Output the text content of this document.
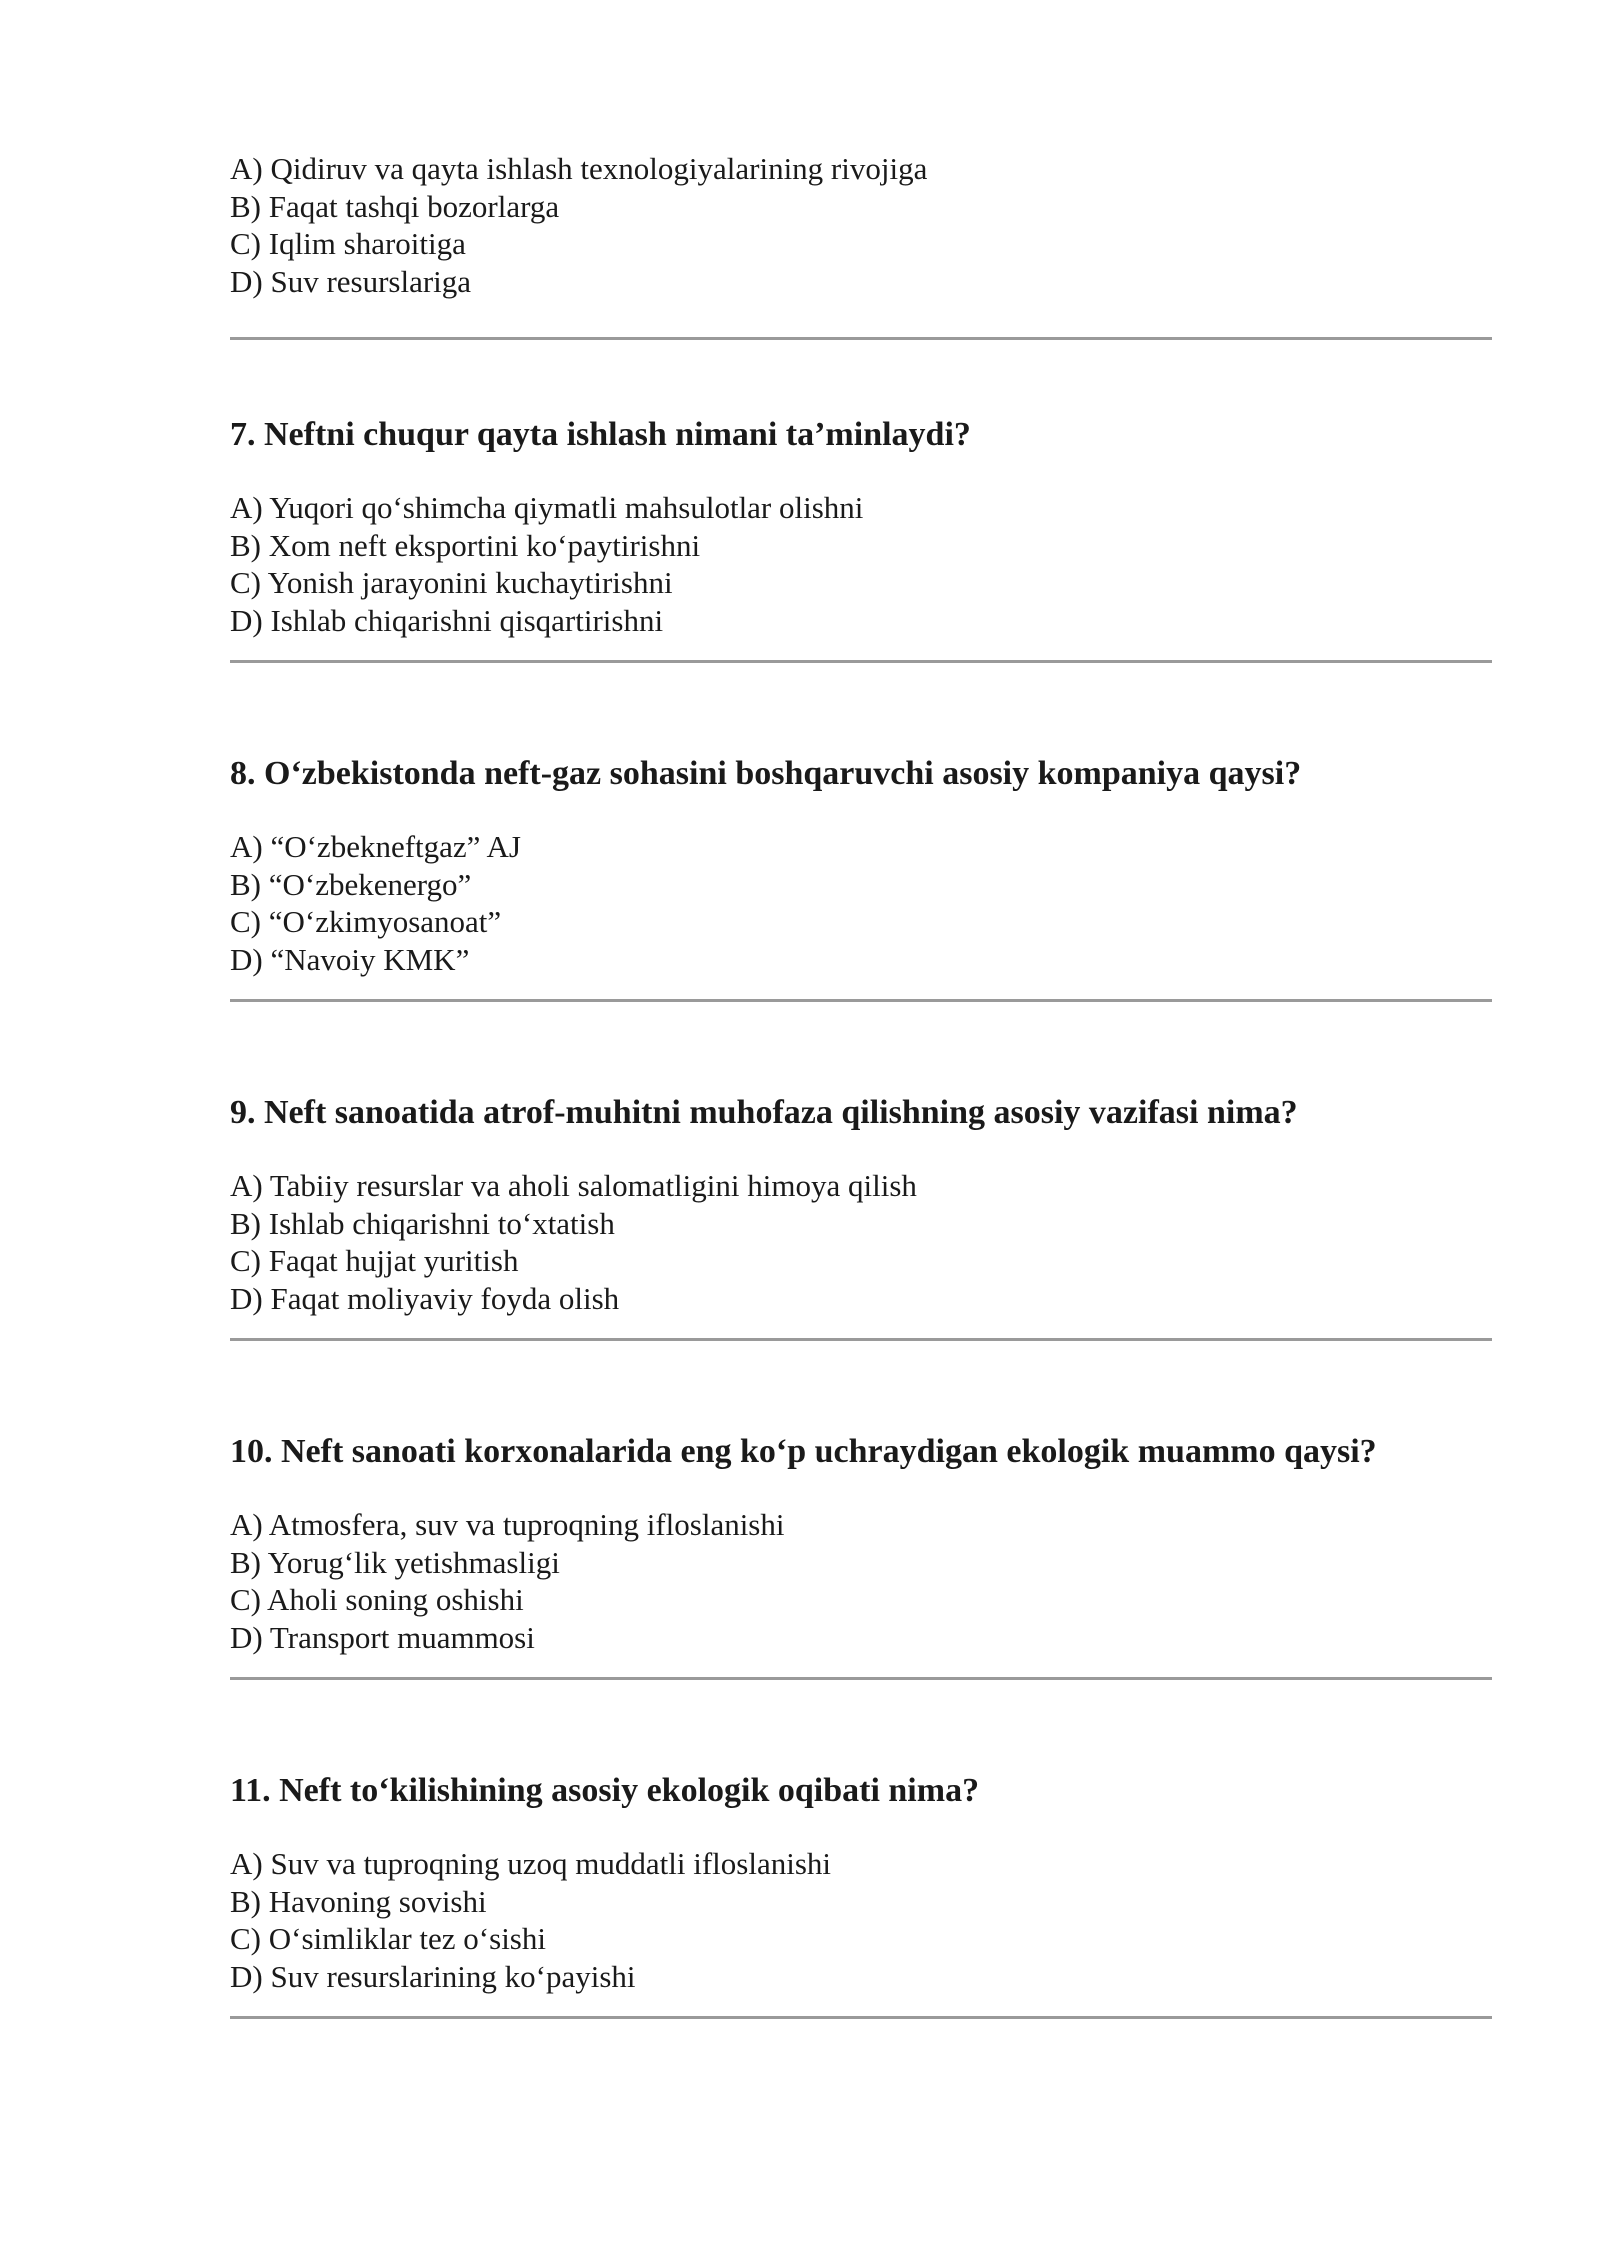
A) Qidiruv va qayta ishlash texnologiyalarining rivojiga
B) Faqat tashqi bozorlarga
C) Iqlim sharoitiga
D) Suv resurslariga

7. Neftni chuqur qayta ishlash nimani ta’minlaydi?

A) Yuqori qo‘shimcha qiymatli mahsulotlar olishni
B) Xom neft eksportini ko‘paytirishni
C) Yonish jarayonini kuchaytirishni
D) Ishlab chiqarishni qisqartirishni

8. O‘zbekistonda neft-gaz sohasini boshqaruvchi asosiy kompaniya qaysi?

A) “O‘zbekneftgaz” AJ
B) “O‘zbekenergo”
C) “O‘zkimyosanoat”
D) “Navoiy KMK”

9. Neft sanoatida atrof-muhitni muhofaza qilishning asosiy vazifasi nima?

A) Tabiiy resurslar va aholi salomatligini himoya qilish
B) Ishlab chiqarishni to‘xtatish
C) Faqat hujjat yuritish
D) Faqat moliyaviy foyda olish

10. Neft sanoati korxonalarida eng ko‘p uchraydigan ekologik muammo qaysi?

A) Atmosfera, suv va tuproqning ifloslanishi
B) Yorug‘lik yetishmasligi
C) Aholi soning oshishi
D) Transport muammosi

11. Neft to‘kilishining asosiy ekologik oqibati nima?

A) Suv va tuproqning uzoq muddatli ifloslanishi
B) Havoning sovishi
C) O‘simliklar tez o‘sishi
D) Suv resurslarining ko‘payishi
